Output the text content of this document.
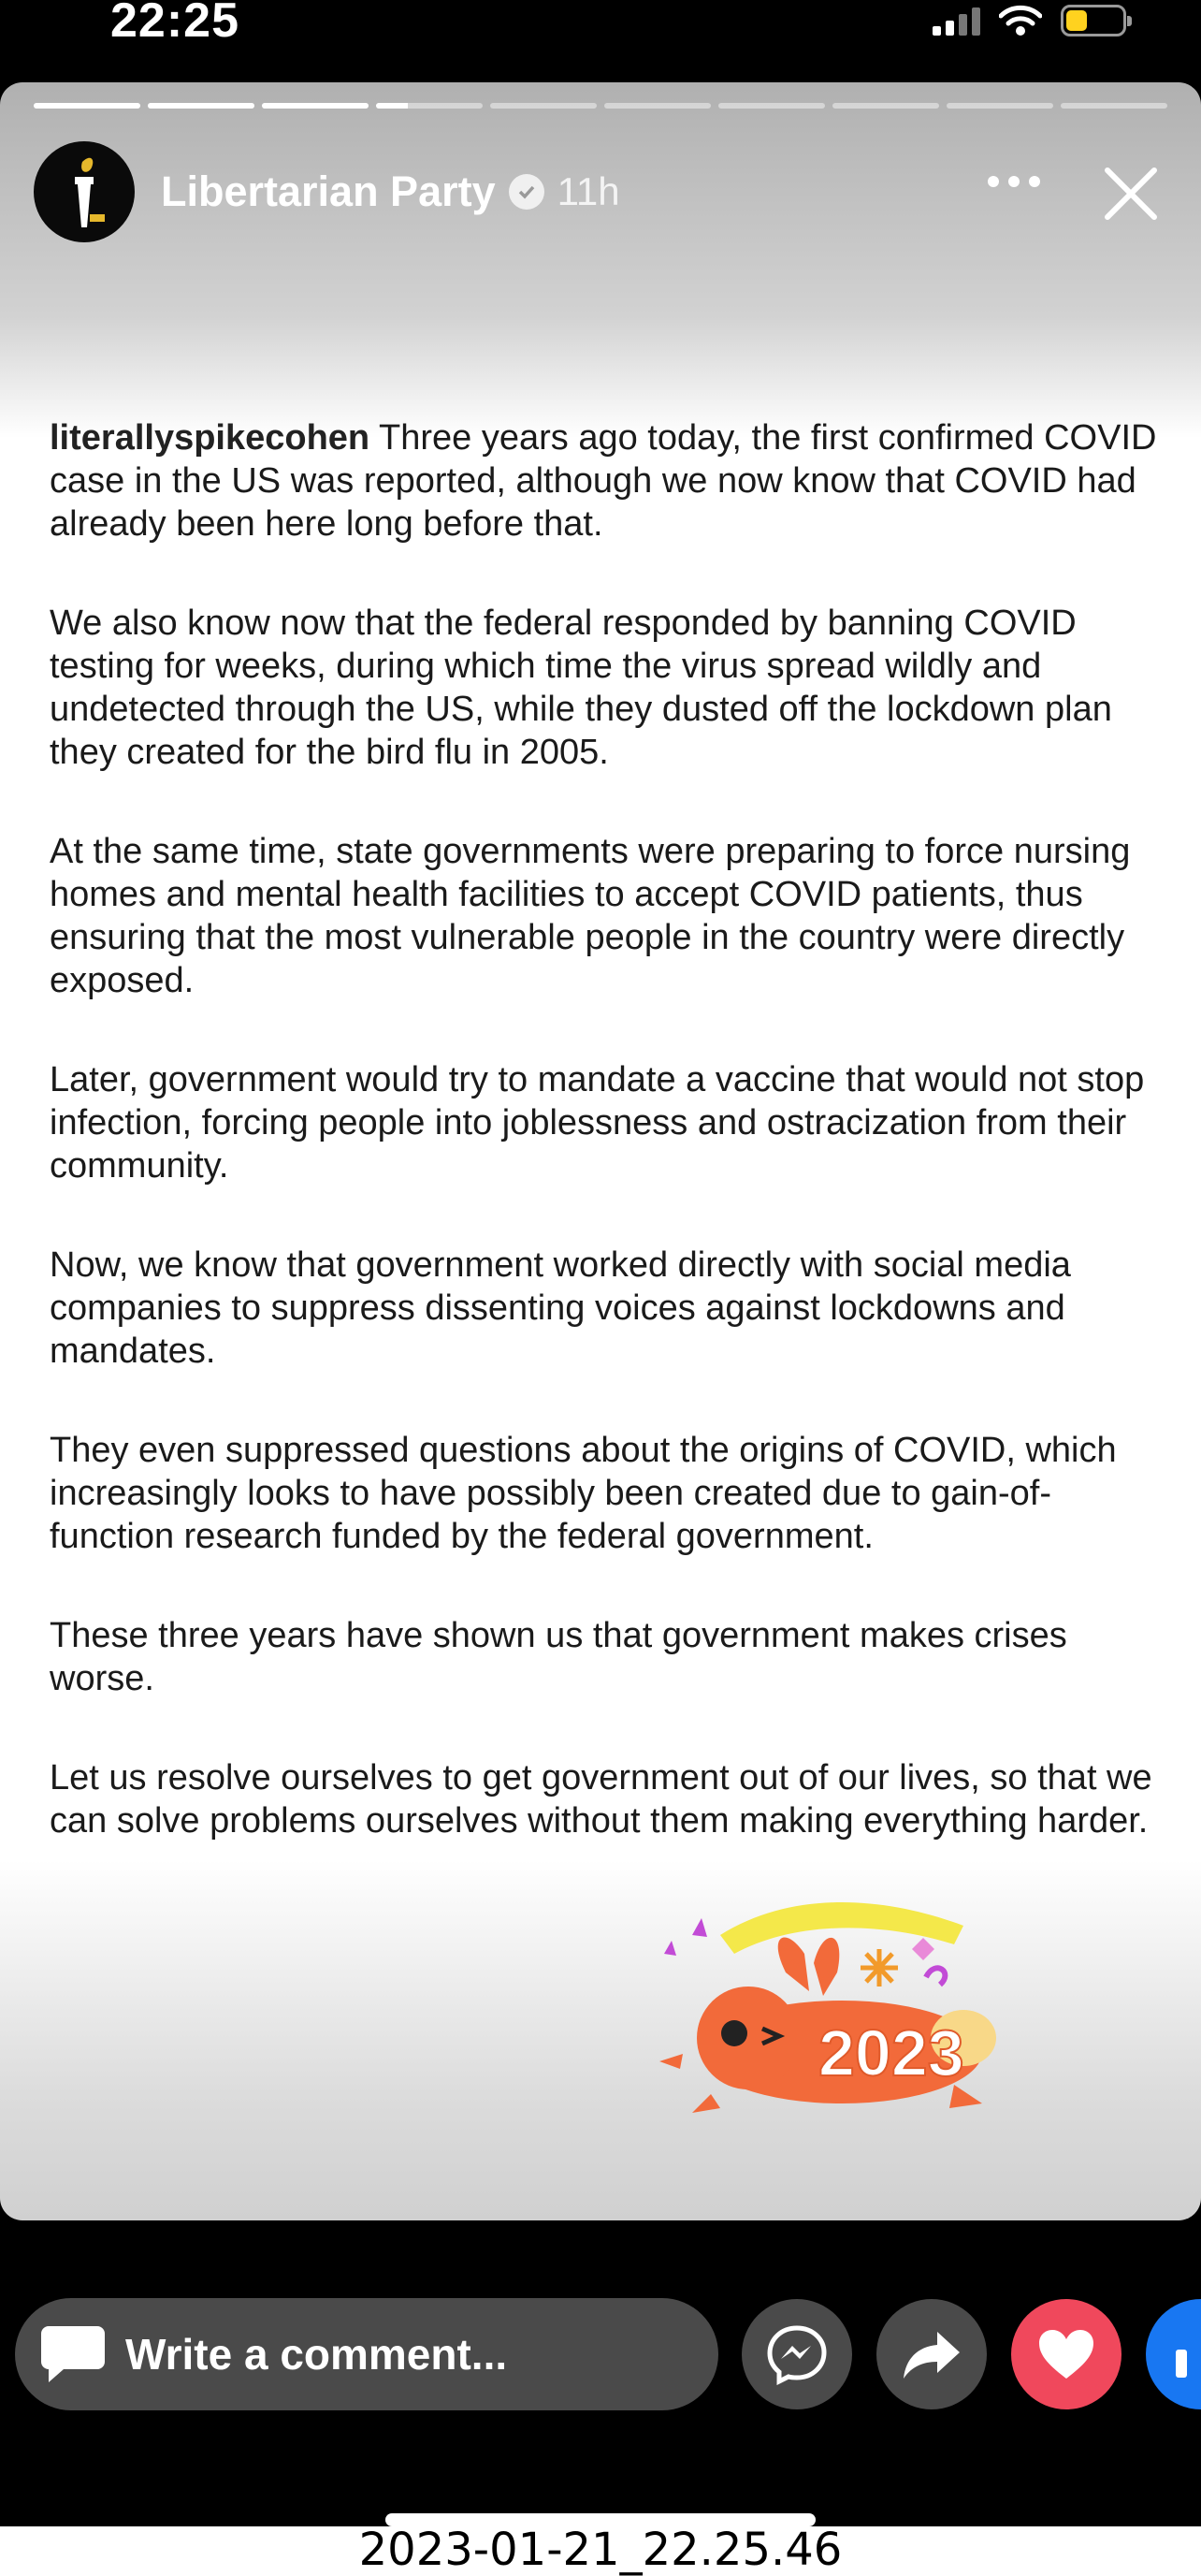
22:25
Libertarian Party 11h

literallyspikecohen Three years ago today, the first confirmed COVID case in the US was reported, although we now know that COVID had already been here long before that.

We also know now that the federal responded by banning COVID testing for weeks, during which time the virus spread wildly and undetected through the US, while they dusted off the lockdown plan they created for the bird flu in 2005.

At the same time, state governments were preparing to force nursing homes and mental health facilities to accept COVID patients, thus ensuring that the most vulnerable people in the country were directly exposed.

Later, government would try to mandate a vaccine that would not stop infection, forcing people into joblessness and ostracization from their community.

Now, we know that government worked directly with social media companies to suppress dissenting voices against lockdowns and mandates.

They even suppressed questions about the origins of COVID, which increasingly looks to have possibly been created due to gain-of-function research funded by the federal government.

These three years have shown us that government makes crises worse.

Let us resolve ourselves to get government out of our lives, so that we can solve problems ourselves without them making everything harder.

2023
Write a comment...
2023-01-21_22.25.46
